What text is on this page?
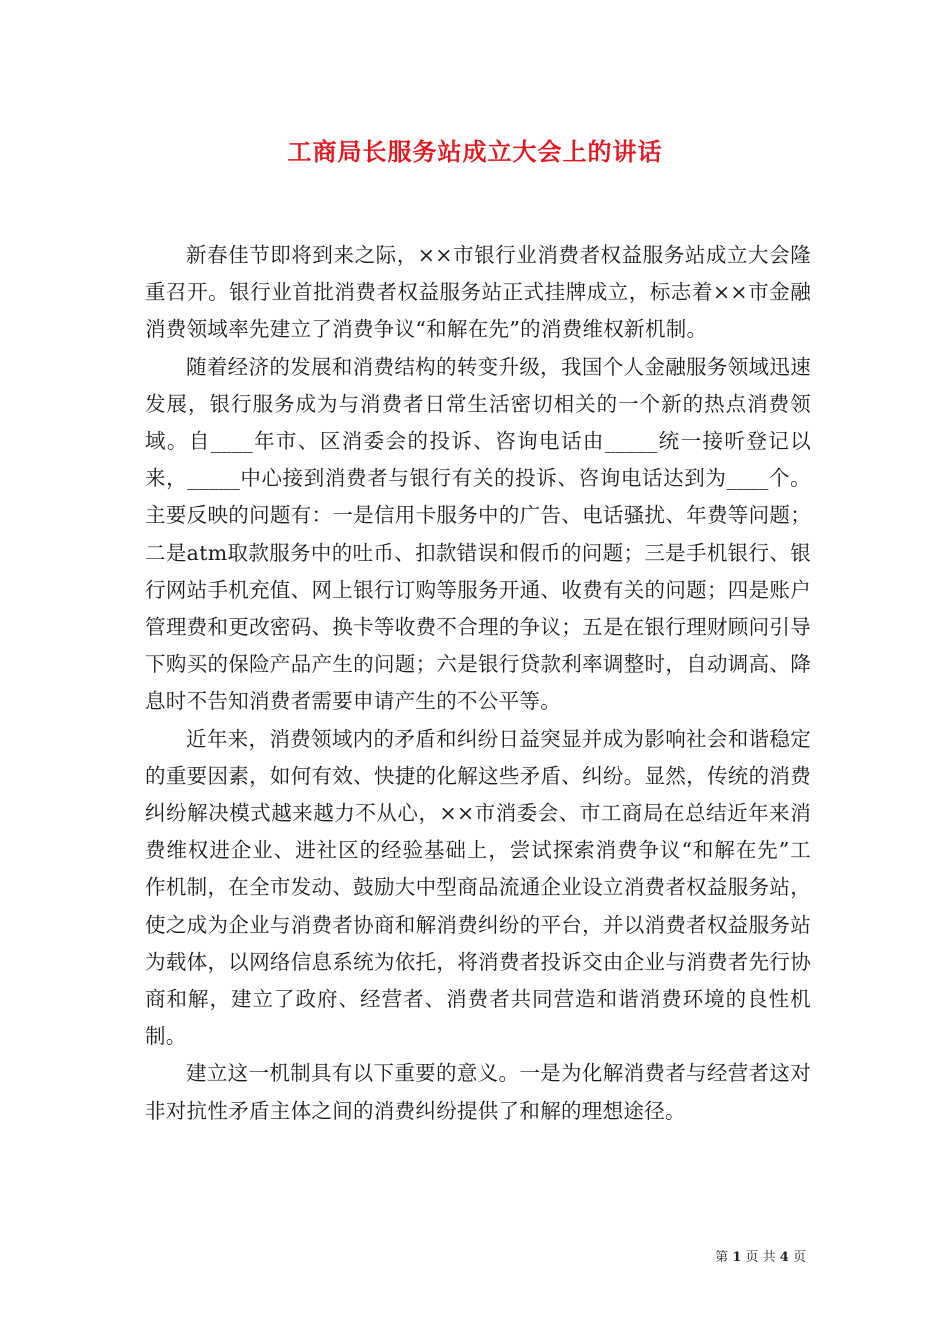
工商局长服务站成立大会上的讲话

新春佳节即将到来之际，××市银行业消费者权益服务站成立大会隆重召开。银行业首批消费者权益服务站正式挂牌成立，标志着××市金融消费领域率先建立了消费争议“和解在先”的消费维权新机制。

随着经济的发展和消费结构的转变升级，我国个人金融服务领域迅速发展，银行服务成为与消费者日常生活密切相关的一个新的热点消费领域。自____年市、区消委会的投诉、咨询电话由_____统一接听登记以来，_____中心接到消费者与银行有关的投诉、咨询电话达到为____个。主要反映的问题有：一是信用卡服务中的广告、电话骚扰、年费等问题；二是atm取款服务中的吐币、扣款错误和假币的问题；三是手机银行、银行网站手机充值、网上银行订购等服务开通、收费有关的问题；四是账户管理费和更改密码、换卡等收费不合理的争议；五是在银行理财顾问引导下购买的保险产品产生的问题；六是银行贷款利率调整时，自动调高、降息时不告知消费者需要申请产生的不公平等。

近年来，消费领域内的矛盾和纠纷日益突显并成为影响社会和谐稳定的重要因素，如何有效、快捷的化解这些矛盾、纠纷。显然，传统的消费纠纷解决模式越来越力不从心，××市消委会、市工商局在总结近年来消费维权进企业、进社区的经验基础上，尝试探索消费争议“和解在先”工作机制，在全市发动、鼓励大中型商品流通企业设立消费者权益服务站，使之成为企业与消费者协商和解消费纠纷的平台，并以消费者权益服务站为载体，以网络信息系统为依托，将消费者投诉交由企业与消费者先行协商和解，建立了政府、经营者、消费者共同营造和谐消费环境的良性机制。

建立这一机制具有以下重要的意义。一是为化解消费者与经营者这对非对抗性矛盾主体之间的消费纠纷提供了和解的理想途径。

第 1 页 共 4 页
